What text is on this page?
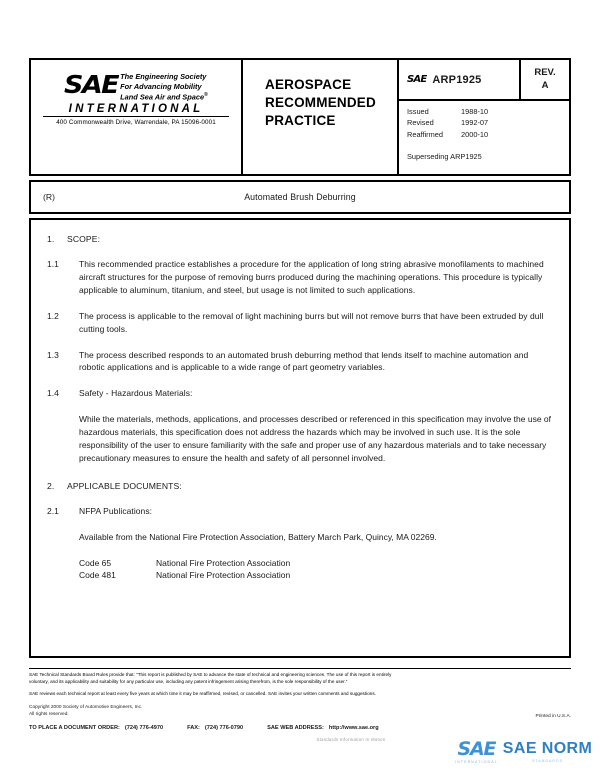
SAE The Engineering Society
For Advancing Mobility
Land Sea Air and Space®
INTERNATIONAL
400 Commonwealth Drive, Warrendale, PA 15096-0001
AEROSPACE
RECOMMENDED
PRACTICE
SAE ARP1925
REV.
A
Issued	1988-10
Revised	1992-07
Reaffirmed	2000-10
Superseding ARP1925
(R)	Automated Brush Deburring
1. SCOPE:
1.1	This recommended practice establishes a procedure for the application of long string abrasive monofilaments to machined aircraft structures for the purpose of removing burrs produced during the machining operations. This procedure is typically applicable to aluminum, titanium, and steel, but usage is not limited to such applications.
1.2	The process is applicable to the removal of light machining burrs but will not remove burrs that have been extruded by dull cutting tools.
1.3	The process described responds to an automated brush deburring method that lends itself to machine automation and robotic applications and is applicable to a wide range of part geometry variables.
1.4	Safety - Hazardous Materials:
While the materials, methods, applications, and processes described or referenced in this specification may involve the use of hazardous materials, this specification does not address the hazards which may be involved in such use. It is the sole responsibility of the user to ensure familiarity with the safe and proper use of any hazardous materials and to take necessary precautionary measures to ensure the health and safety of all personnel involved.
2. APPLICABLE DOCUMENTS:
2.1	NFPA Publications:
Available from the National Fire Protection Association, Battery March Park, Quincy, MA 02269.
Code 65	National Fire Protection Association
Code 481	National Fire Protection Association
SAE Technical Standards Board Rules provide that: “This report is published by SAE to advance the state of technical and engineering sciences. The use of this report is entirely
voluntary, and its applicability and suitability for any particular use, including any patent infringement arising therefrom, is the sole responsibility of the user.”
SAE reviews each technical report at least every five years at which time it may be reaffirmed, revised, or cancelled. SAE invites your written comments and suggestions.
Copyright 2000 Society of Automotive Engineers, Inc.
All rights reserved.	Printed in U.S.A.
TO PLACE A DOCUMENT ORDER: (724) 776-4970	FAX: (724) 776-0790	SAE WEB ADDRESS: http://www.sae.org
Standards Information In Motion	SAE
INTERNATIONAL
SAE NORM
STANDARDS
